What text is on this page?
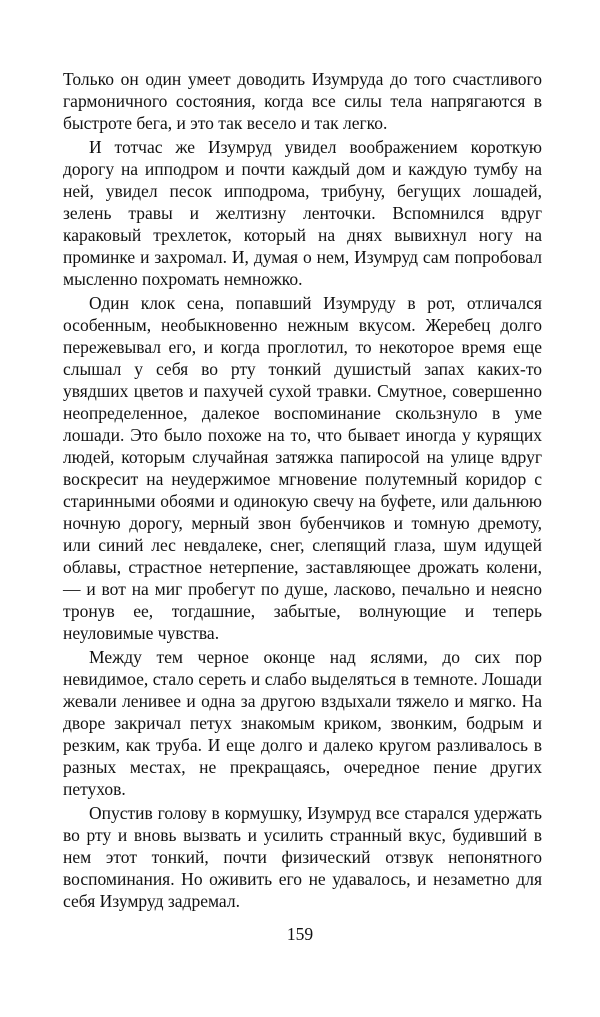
Только он один умеет доводить Изумруда до того счастливого гармоничного состояния, когда все силы тела напрягаются в быстроте бега, и это так весело и так легко.

И тотчас же Изумруд увидел воображением короткую дорогу на ипподром и почти каждый дом и каждую тумбу на ней, увидел песок ипподрома, трибуну, бегущих лошадей, зелень травы и желтизну ленточки. Вспомнился вдруг караковый трехлеток, который на днях вывихнул ногу на проминке и захромал. И, думая о нем, Изумруд сам попробовал мысленно похромать немножко.

Один клок сена, попавший Изумруду в рот, отличался особенным, необыкновенно нежным вкусом. Жеребец долго пережевывал его, и когда проглотил, то некоторое время еще слышал у себя во рту тонкий душистый запах каких-то увядших цветов и пахучей сухой травки. Смутное, совершенно неопределенное, далекое воспоминание скользнуло в уме лошади. Это было похоже на то, что бывает иногда у курящих людей, которым случайная затяжка папиросой на улице вдруг воскресит на неудержимое мгновение полутемный коридор с старинными обоями и одинокую свечу на буфете, или дальнюю ночную дорогу, мерный звон бубенчиков и томную дремоту, или синий лес невдалеке, снег, слепящий глаза, шум идущей облавы, страстное нетерпение, заставляющее дрожать колени,— и вот на миг пробегут по душе, ласково, печально и неясно тронув ее, тогдашние, забытые, волнующие и теперь неуловимые чувства.

Между тем черное оконце над яслями, до сих пор невидимое, стало сереть и слабо выделяться в темноте. Лошади жевали ленивее и одна за другою вздыхали тяжело и мягко. На дворе закричал петух знакомым криком, звонким, бодрым и резким, как труба. И еще долго и далеко кругом разливалось в разных местах, не прекращаясь, очередное пение других петухов.

Опустив голову в кормушку, Изумруд все старался удержать во рту и вновь вызвать и усилить странный вкус, будивший в нем этот тонкий, почти физический отзвук непонятного воспоминания. Но оживить его не удавалось, и незаметно для себя Изумруд задремал.

159
